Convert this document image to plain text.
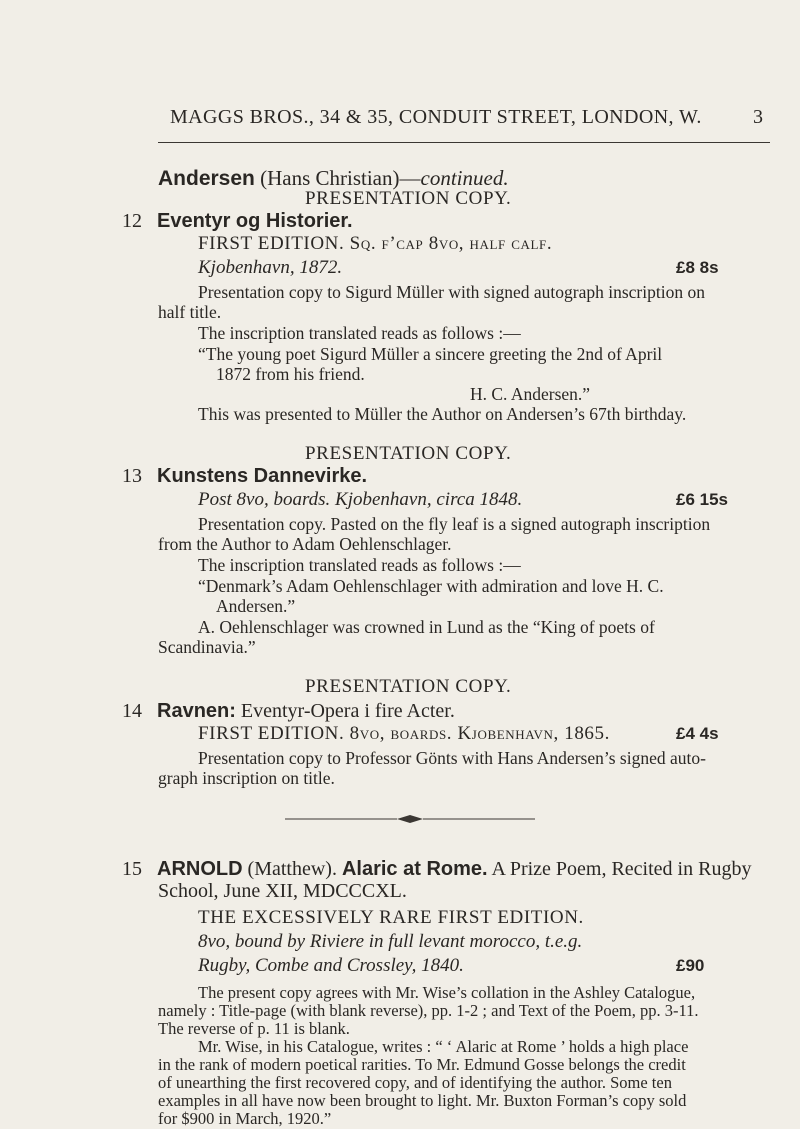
MAGGS BROS., 34 & 35, CONDUIT STREET, LONDON, W.	3
Andersen (Hans Christian)—continued.
PRESENTATION COPY.
12 Eventyr og Historier.
FIRST EDITION. Sq. f’cap 8vo, half calf.
Kjobenhavn, 1872.	£8 8s
Presentation copy to Sigurd Müller with signed autograph inscription on
half title.
The inscription translated reads as follows :—
“The young poet Sigurd Müller a sincere greeting the 2nd of April
1872 from his friend.
H. C. Andersen.”
This was presented to Müller the Author on Andersen’s 67th birthday.
PRESENTATION COPY.
13 Kunstens Dannevirke.
Post 8vo, boards. Kjobenhavn, circa 1848.	£6 15s
Presentation copy. Pasted on the fly leaf is a signed autograph inscription
from the Author to Adam Oehlenschlager.
The inscription translated reads as follows :—
“Denmark’s Adam Oehlenschlager with admiration and love H. C.
Andersen.”
A. Oehlenschlager was crowned in Lund as the “King of poets of
Scandinavia.”
PRESENTATION COPY.
14 Ravnen: Eventyr-Opera i fire Acter.
FIRST EDITION. 8vo, boards. Kjobenhavn, 1865.	£4 4s
Presentation copy to Professor Gönts with Hans Andersen’s signed auto-
graph inscription on title.
15 ARNOLD (Matthew). Alaric at Rome. A Prize Poem, Recited in Rugby
School, June XII, MDCCCXL.
THE EXCESSIVELY RARE FIRST EDITION.
8vo, bound by Riviere in full levant morocco, t.e.g.
Rugby, Combe and Crossley, 1840.	£90
The present copy agrees with Mr. Wise’s collation in the Ashley Catalogue,
namely : Title-page (with blank reverse), pp. 1-2 ; and Text of the Poem, pp. 3-11.
The reverse of p. 11 is blank.
Mr. Wise, in his Catalogue, writes : “ ‘ Alaric at Rome ’ holds a high place
in the rank of modern poetical rarities. To Mr. Edmund Gosse belongs the credit
of unearthing the first recovered copy, and of identifying the author. Some ten
examples in all have now been brought to light. Mr. Buxton Forman’s copy sold
for $900 in March, 1920.”
